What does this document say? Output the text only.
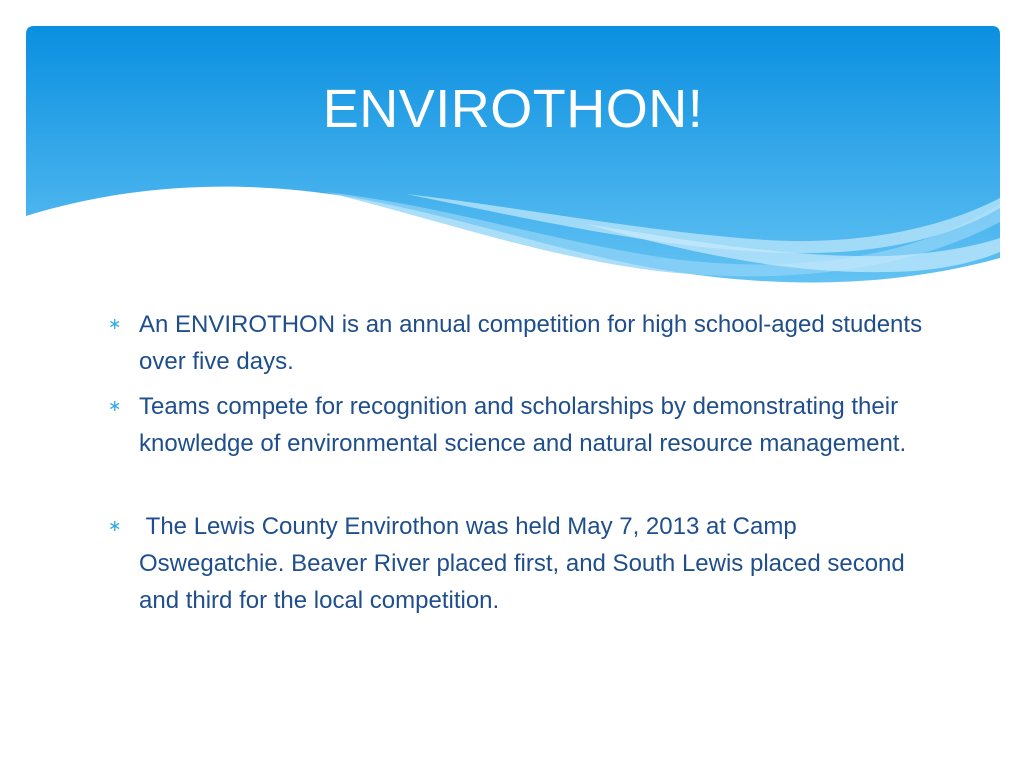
ENVIROTHON!

∗ An ENVIROTHON is an annual competition for high school-aged students over five days.

∗ Teams compete for recognition and scholarships by demonstrating their knowledge of environmental science and natural resource management.

∗ The Lewis County Envirothon was held May 7, 2013 at Camp Oswegatchie. Beaver River placed first, and South Lewis placed second and third for the local competition.
